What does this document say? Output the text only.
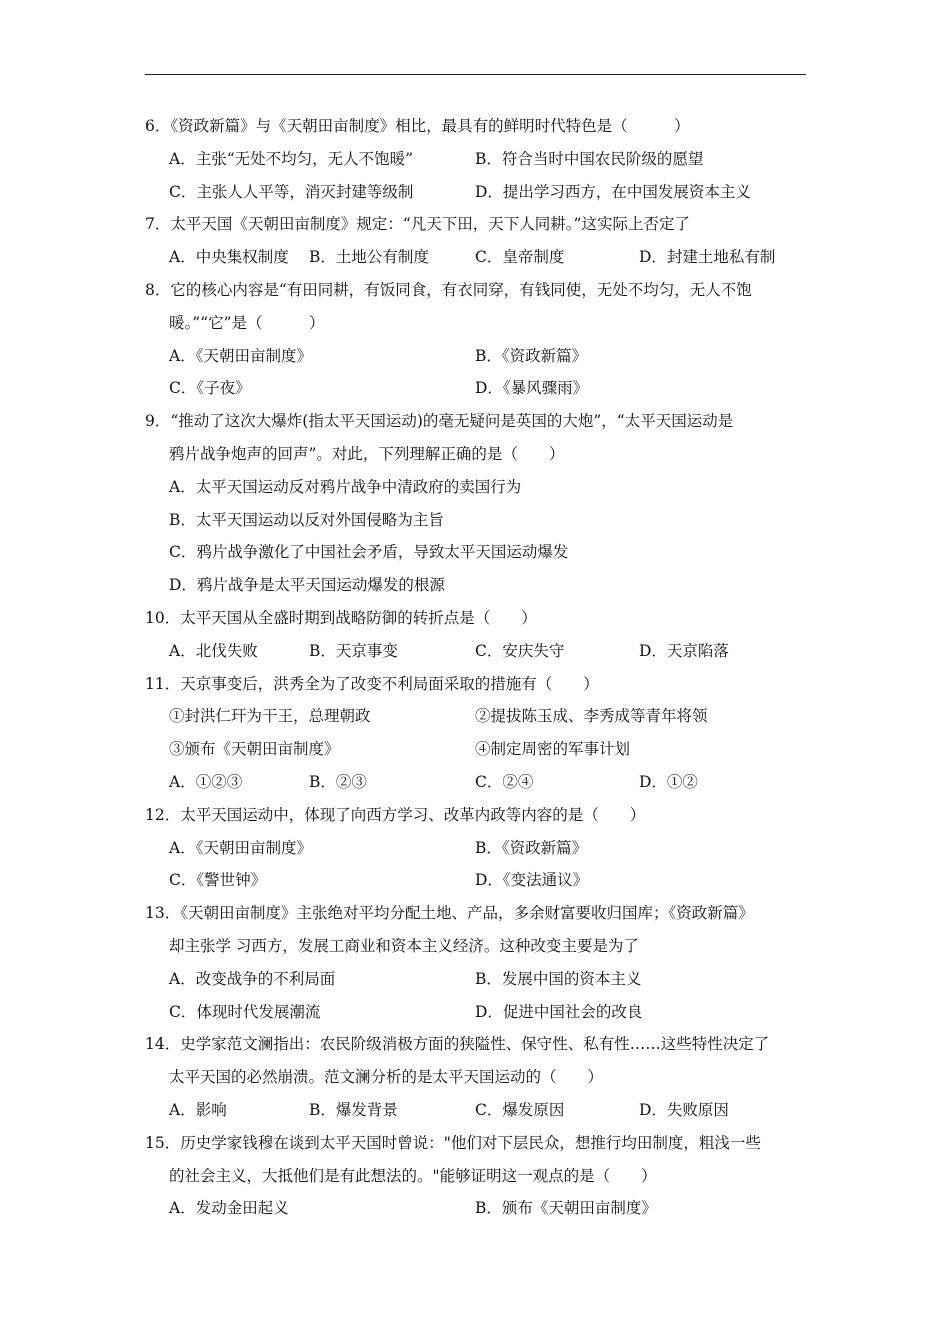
6．《资政新篇》与《天朝田亩制度》相比，最具有的鲜明时代特色是（　　　）
A．主张“无处不均匀，无人不饱暖”	B．符合当时中国农民阶级的愿望
C．主张人人平等，消灭封建等级制	D．提出学习西方，在中国发展资本主义
7．太平天国《天朝田亩制度》规定：“凡天下田，天下人同耕。”这实际上否定了
A．中央集权制度 B．土地公有制度	C．皇帝制度	D．封建土地私有制
8．它的核心内容是“有田同耕，有饭同食，有衣同穿，有钱同使，无处不均匀，无人不饱
暖。”“它”是（　　　）
A．《天朝田亩制度》	B．《资政新篇》
C．《子夜》	D．《暴风骤雨》
9．“推动了这次大爆炸(指太平天国运动)的毫无疑问是英国的大炮”，“太平天国运动是
鸦片战争炮声的回声”。对此，下列理解正确的是（　　）
A．太平天国运动反对鸦片战争中清政府的卖国行为
B．太平天国运动以反对外国侵略为主旨
C．鸦片战争激化了中国社会矛盾，导致太平天国运动爆发
D．鸦片战争是太平天国运动爆发的根源
10．太平天国从全盛时期到战略防御的转折点是（　　）
A．北伐失败	B．天京事变	C．安庆失守	D．天京陷落
11．天京事变后，洪秀全为了改变不利局面采取的措施有（　　）
①封洪仁玕为干王，总理朝政	②提拔陈玉成、李秀成等青年将领
③颁布《天朝田亩制度》	④制定周密的军事计划
A．①②③	B．②③	C．②④	D．①②
12．太平天国运动中，体现了向西方学习、改革内政等内容的是（　　）
A．《天朝田亩制度》	B．《资政新篇》
C．《警世钟》	D．《变法通议》
13．《天朝田亩制度》主张绝对平均分配土地、产品，多余财富要收归国库；《资政新篇》
却主张学 习西方，发展工商业和资本主义经济。这种改变主要是为了
A．改变战争的不利局面	B．发展中国的资本主义
C．体现时代发展潮流	D．促进中国社会的改良
14．史学家范文澜指出：农民阶级消极方面的狭隘性、保守性、私有性……这些特性决定了
太平天国的必然崩溃。范文澜分析的是太平天国运动的（　　）
A．影响	B．爆发背景	C．爆发原因	D．失败原因
15．历史学家钱穆在谈到太平天国时曾说："他们对下层民众，想推行均田制度，粗浅一些
的社会主义，大抵他们是有此想法的。"能够证明这一观点的是（　　）
A．发动金田起义	B．颁布《天朝田亩制度》
